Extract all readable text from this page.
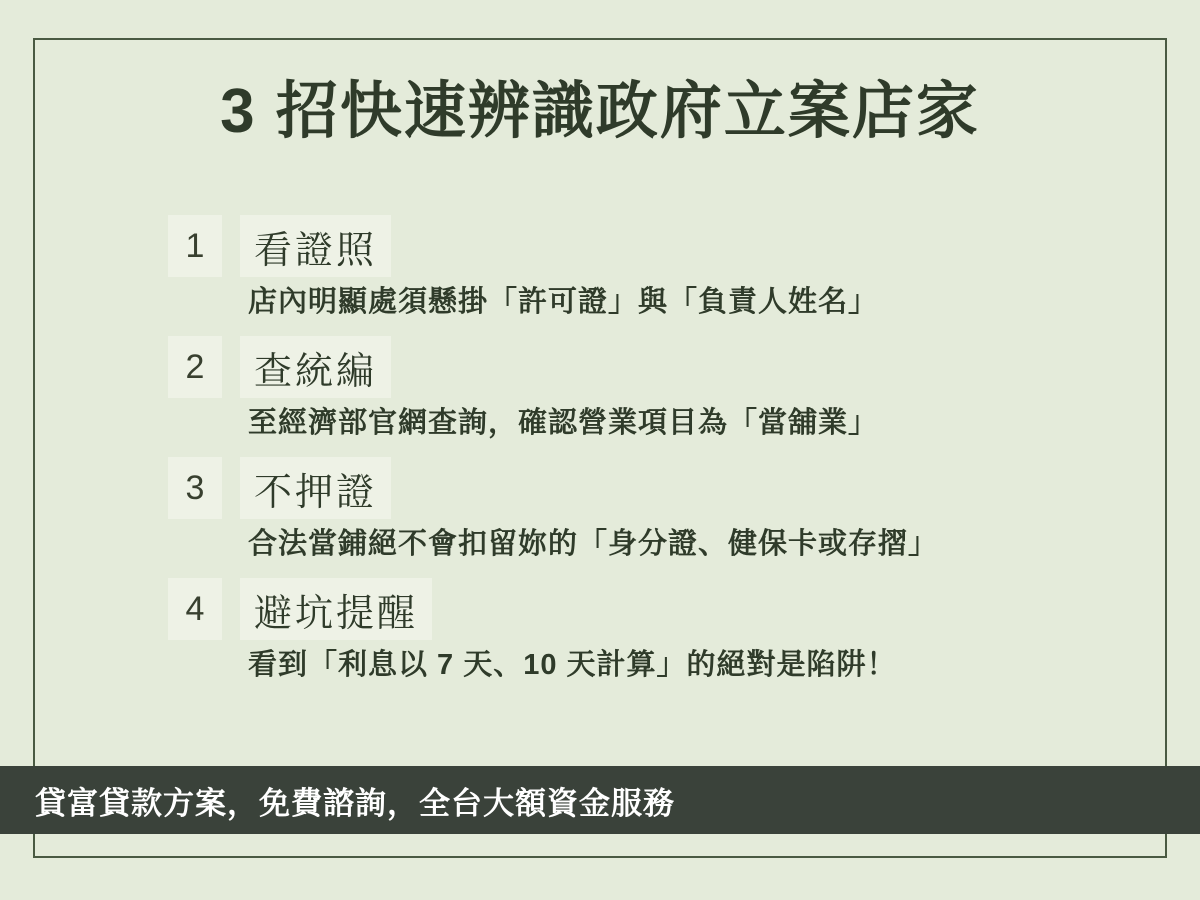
3 招快速辨識政府立案店家
1	看證照
店內明顯處須懸掛「許可證」與「負責人姓名」
2	查統編
至經濟部官網查詢，確認營業項目為「當舖業」
3	不押證
合法當鋪絕不會扣留妳的「身分證、健保卡或存摺」
4	避坑提醒
看到「利息以 7 天、10 天計算」的絕對是陷阱！
貸富貸款方案，免費諮詢，全台大額資金服務
